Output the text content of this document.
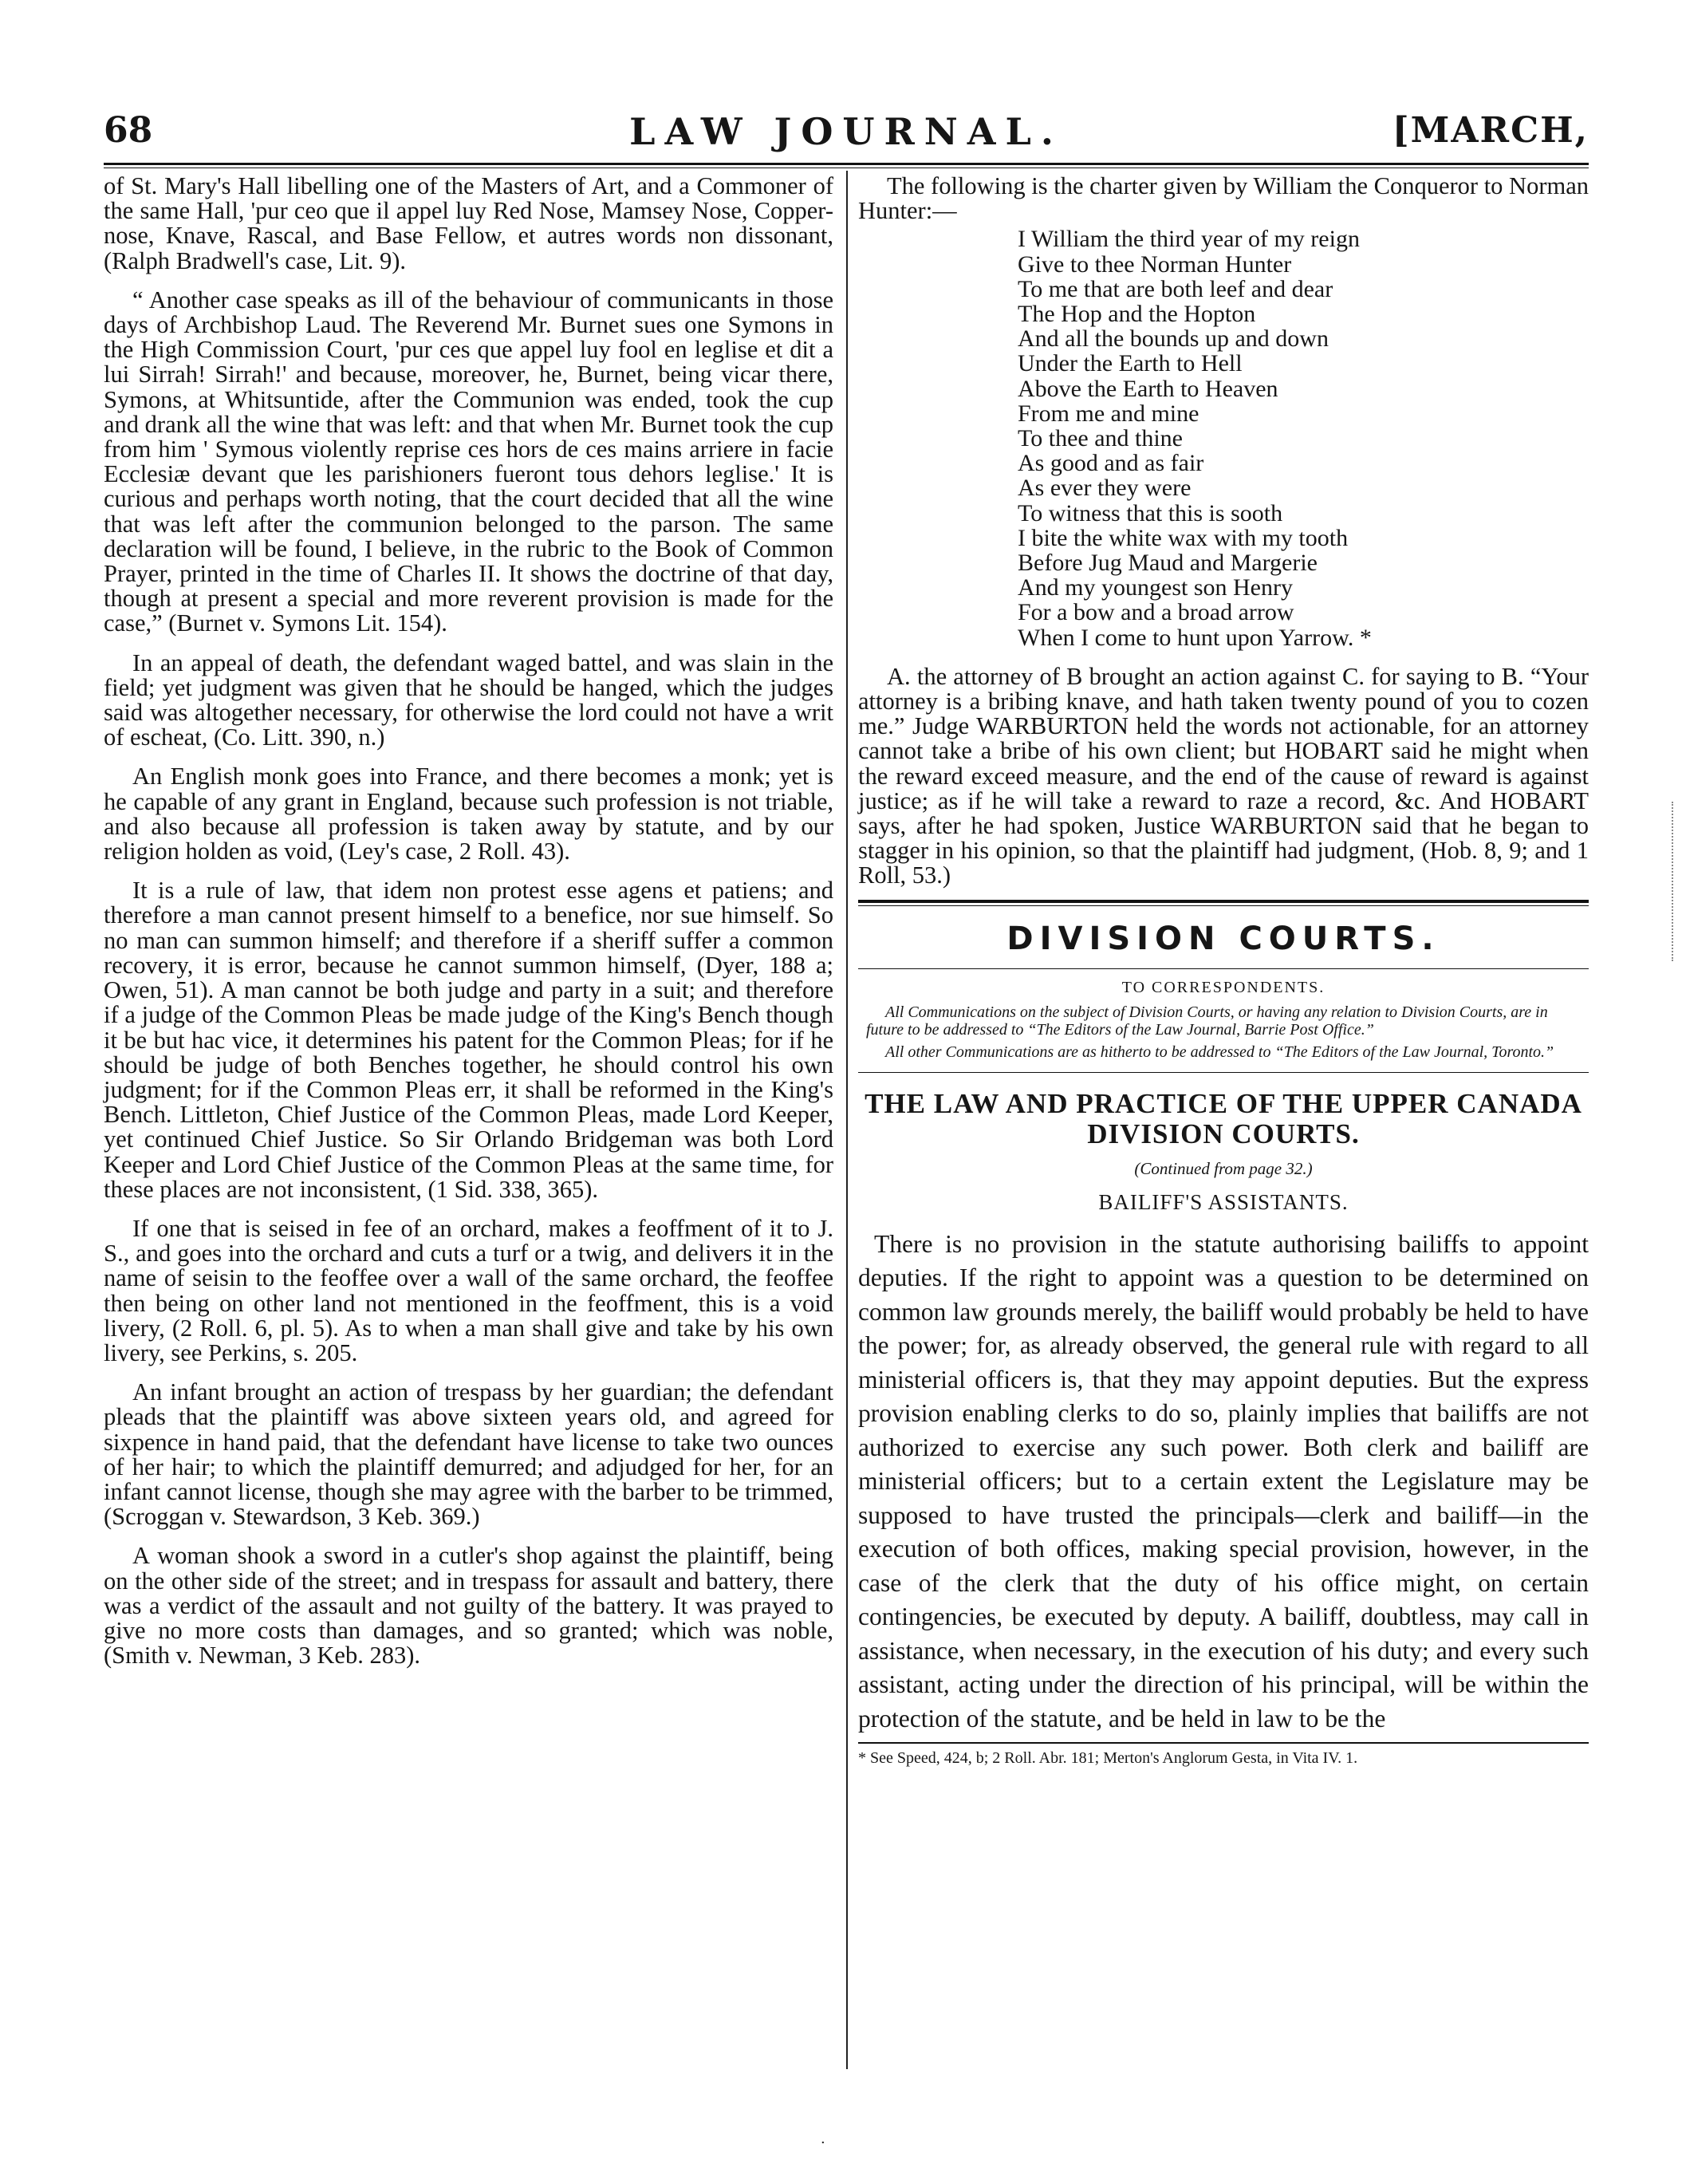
68	LAW JOURNAL.	[MARCH,

of St. Mary's Hall libelling one of the Masters of Art, and a Commoner of the same Hall, 'pur ceo que il appel luy Red Nose, Mamsey Nose, Copper-nose, Knave, Rascal, and Base Fellow, et autres words non dissonant, (Ralph Bradwell's case, Lit. 9).

“ Another case speaks as ill of the behaviour of communicants in those days of Archbishop Laud. The Reverend Mr. Burnet sues one Symons in the High Commission Court, 'pur ces que appel luy fool en leglise et dit a lui Sirrah! Sirrah!' and because, moreover, he, Burnet, being vicar there, Symons, at Whitsuntide, after the Communion was ended, took the cup and drank all the wine that was left: and that when Mr. Burnet took the cup from him ' Symous violently reprise ces hors de ces mains arriere in facie Ecclesiæ devant que les parishioners fueront tous dehors leglise.' It is curious and perhaps worth noting, that the court decided that all the wine that was left after the communion belonged to the parson. The same declaration will be found, I believe, in the rubric to the Book of Common Prayer, printed in the time of Charles II. It shows the doctrine of that day, though at present a special and more reverent provision is made for the case,” (Burnet v. Symons Lit. 154).

In an appeal of death, the defendant waged battel, and was slain in the field; yet judgment was given that he should be hanged, which the judges said was altogether necessary, for otherwise the lord could not have a writ of escheat, (Co. Litt. 390, n.)

An English monk goes into France, and there becomes a monk; yet is he capable of any grant in England, because such profession is not triable, and also because all profession is taken away by statute, and by our religion holden as void, (Ley's case, 2 Roll. 43).

It is a rule of law, that idem non protest esse agens et patiens; and therefore a man cannot present himself to a benefice, nor sue himself. So no man can summon himself; and therefore if a sheriff suffer a common recovery, it is error, because he cannot summon himself, (Dyer, 188 a; Owen, 51). A man cannot be both judge and party in a suit; and therefore if a judge of the Common Pleas be made judge of the King's Bench though it be but hac vice, it determines his patent for the Common Pleas; for if he should be judge of both Benches together, he should control his own judgment; for if the Common Pleas err, it shall be reformed in the King's Bench. Littleton, Chief Justice of the Common Pleas, made Lord Keeper, yet continued Chief Justice. So Sir Orlando Bridgeman was both Lord Keeper and Lord Chief Justice of the Common Pleas at the same time, for these places are not inconsistent, (1 Sid. 338, 365).

If one that is seised in fee of an orchard, makes a feoffment of it to J. S., and goes into the orchard and cuts a turf or a twig, and delivers it in the name of seisin to the feoffee over a wall of the same orchard, the feoffee then being on other land not mentioned in the feoffment, this is a void livery, (2 Roll. 6, pl. 5). As to when a man shall give and take by his own livery, see Perkins, s. 205.

An infant brought an action of trespass by her guardian; the defendant pleads that the plaintiff was above sixteen years old, and agreed for sixpence in hand paid, that the defendant have license to take two ounces of her hair; to which the plaintiff demurred; and adjudged for her, for an infant cannot license, though she may agree with the barber to be trimmed, (Scroggan v. Stewardson, 3 Keb. 369.)

A woman shook a sword in a cutler's shop against the plaintiff, being on the other side of the street; and in trespass for assault and battery, there was a verdict of the assault and not guilty of the battery. It was prayed to give no more costs than damages, and so granted; which was noble, (Smith v. Newman, 3 Keb. 283).

The following is the charter given by William the Conqueror to Norman Hunter:—

I William the third year of my reign
Give to thee Norman Hunter
To me that are both leef and dear
The Hop and the Hopton
And all the bounds up and down
Under the Earth to Hell
Above the Earth to Heaven
From me and mine
To thee and thine
As good and as fair
As ever they were
To witness that this is sooth
I bite the white wax with my tooth
Before Jug Maud and Margerie
And my youngest son Henry
For a bow and a broad arrow
When I come to hunt upon Yarrow. *

A. the attorney of B brought an action against C. for saying to B. “Your attorney is a bribing knave, and hath taken twenty pound of you to cozen me.” Judge WARBURTON held the words not actionable, for an attorney cannot take a bribe of his own client; but HOBART said he might when the reward exceed measure, and the end of the cause of reward is against justice; as if he will take a reward to raze a record, &c. And HOBART says, after he had spoken, Justice WARBURTON said that he began to stagger in his opinion, so that the plaintiff had judgment, (Hob. 8, 9; and 1 Roll, 53.)

DIVISION COURTS.
TO CORRESPONDENTS.

All Communications on the subject of Division Courts, or having any relation to Division Courts, are in future to be addressed to “The Editors of the Law Journal, Barrie Post Office.”

All other Communications are as hitherto to be addressed to “The Editors of the Law Journal, Toronto.”

THE LAW AND PRACTICE OF THE UPPER CANADA DIVISION COURTS.
(Continued from page 32.)
BAILIFF'S ASSISTANTS.

There is no provision in the statute authorising bailiffs to appoint deputies. If the right to appoint was a question to be determined on common law grounds merely, the bailiff would probably be held to have the power; for, as already observed, the general rule with regard to all ministerial officers is, that they may appoint deputies. But the express provision enabling clerks to do so, plainly implies that bailiffs are not authorized to exercise any such power. Both clerk and bailiff are ministerial officers; but to a certain extent the Legislature may be supposed to have trusted the principals—clerk and bailiff—in the execution of both offices, making special provision, however, in the case of the clerk that the duty of his office might, on certain contingencies, be executed by deputy. A bailiff, doubtless, may call in assistance, when necessary, in the execution of his duty; and every such assistant, acting under the direction of his principal, will be within the protection of the statute, and be held in law to be the

* See Speed, 424, b; 2 Roll. Abr. 181; Merton's Anglorum Gesta, in Vita IV. 1.
·
